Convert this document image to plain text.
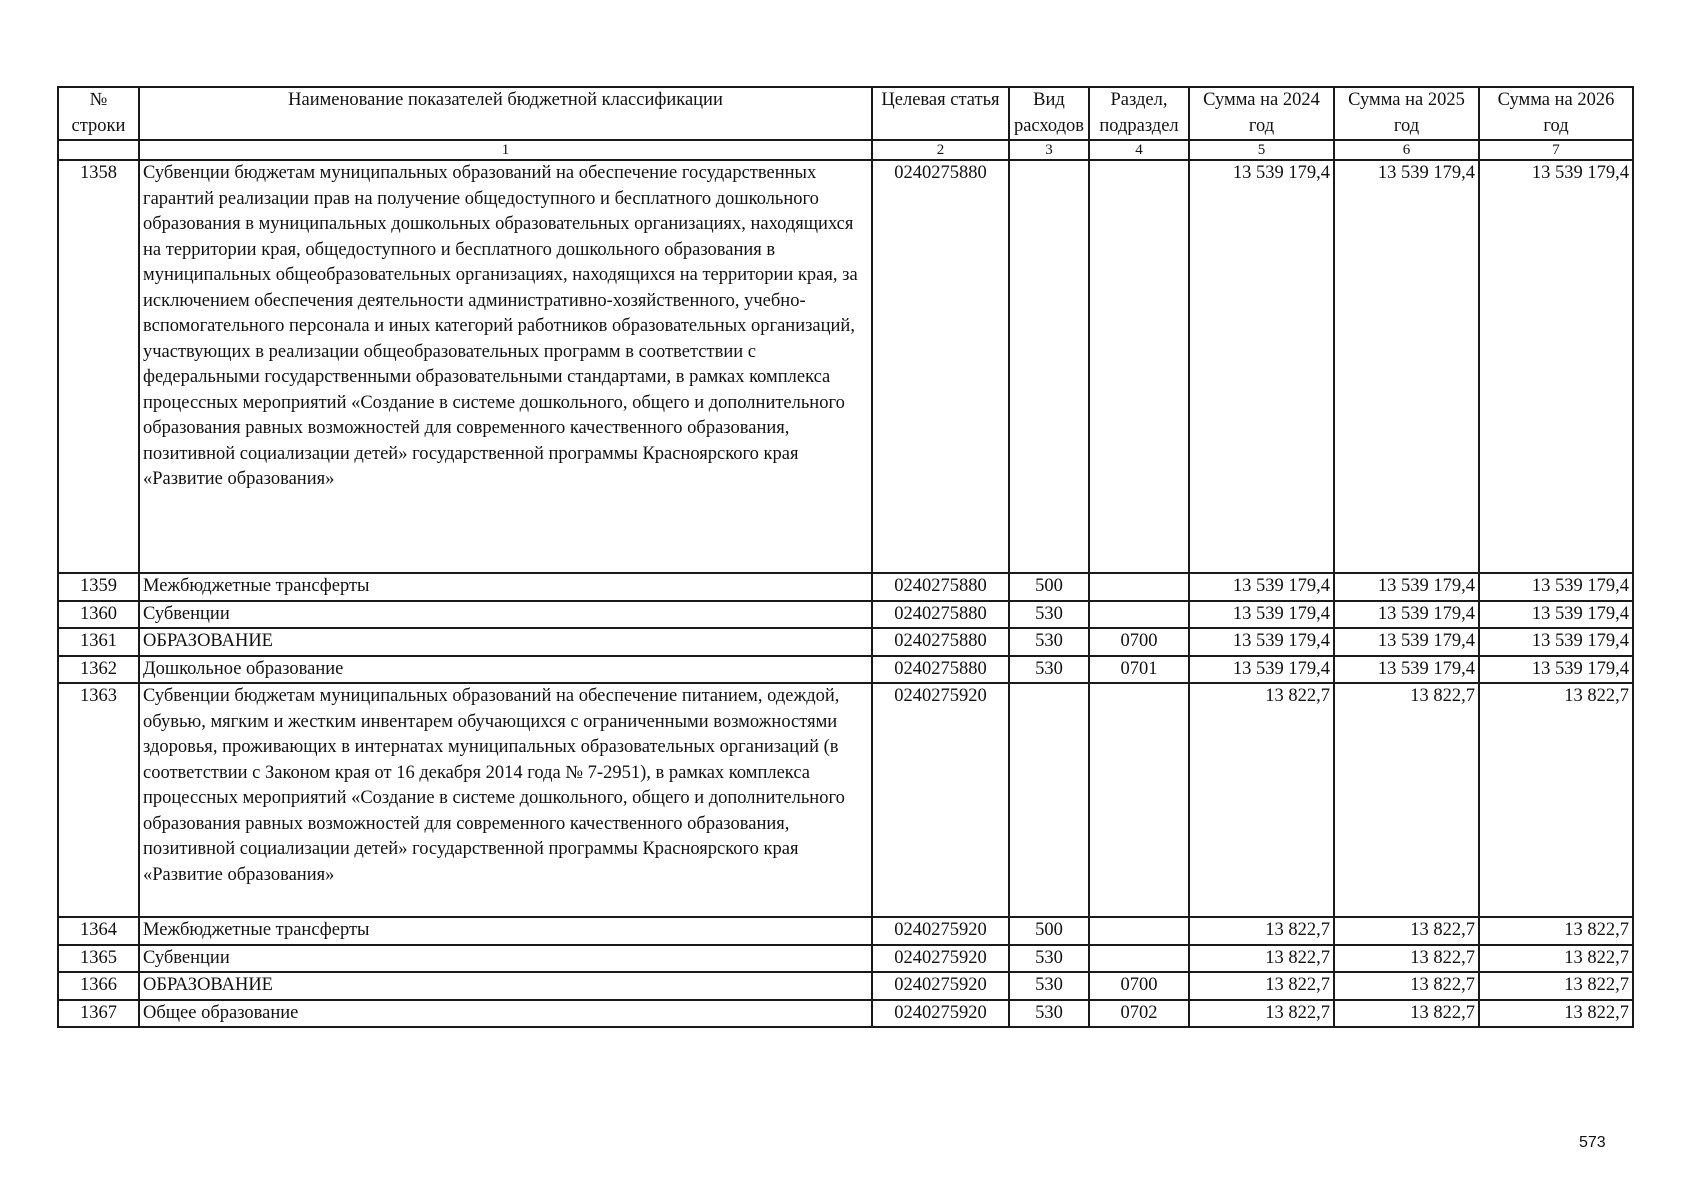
№ строки	Наименование показателей бюджетной классификации	Целевая статья	Вид расходов	Раздел, подраздел	Сумма на 2024 год	Сумма на 2025 год	Сумма на 2026 год
	1	2	3	4	5	6	7
1358	Субвенции бюджетам муниципальных образований на обеспечение государственных гарантий реализации прав на получение общедоступного и бесплатного дошкольного образования в муниципальных дошкольных образовательных организациях, находящихся на территории края, общедоступного и бесплатного дошкольного образования в муниципальных общеобразовательных организациях, находящихся на территории края, за исключением обеспечения деятельности административно-хозяйственного, учебно-вспомогательного персонала и иных категорий работников образовательных организаций, участвующих в реализации общеобразовательных программ в соответствии с федеральными государственными образовательными стандартами, в рамках комплекса процессных мероприятий «Создание в системе дошкольного, общего и дополнительного образования равных возможностей для современного качественного образования, позитивной социализации детей» государственной программы Красноярского края «Развитие образования»	0240275880			13 539 179,4	13 539 179,4	13 539 179,4
1359	Межбюджетные трансферты	0240275880	500		13 539 179,4	13 539 179,4	13 539 179,4
1360	Субвенции	0240275880	530		13 539 179,4	13 539 179,4	13 539 179,4
1361	ОБРАЗОВАНИЕ	0240275880	530	0700	13 539 179,4	13 539 179,4	13 539 179,4
1362	Дошкольное образование	0240275880	530	0701	13 539 179,4	13 539 179,4	13 539 179,4
1363	Субвенции бюджетам муниципальных образований на обеспечение питанием, одеждой, обувью, мягким и жестким инвентарем обучающихся с ограниченными возможностями здоровья, проживающих в интернатах муниципальных образовательных организаций (в соответствии с Законом края от 16 декабря 2014 года № 7-2951), в рамках комплекса процессных мероприятий «Создание в системе дошкольного, общего и дополнительного образования равных возможностей для современного качественного образования, позитивной социализации детей» государственной программы Красноярского края «Развитие образования»	0240275920			13 822,7	13 822,7	13 822,7
1364	Межбюджетные трансферты	0240275920	500		13 822,7	13 822,7	13 822,7
1365	Субвенции	0240275920	530		13 822,7	13 822,7	13 822,7
1366	ОБРАЗОВАНИЕ	0240275920	530	0700	13 822,7	13 822,7	13 822,7
1367	Общее образование	0240275920	530	0702	13 822,7	13 822,7	13 822,7
573
